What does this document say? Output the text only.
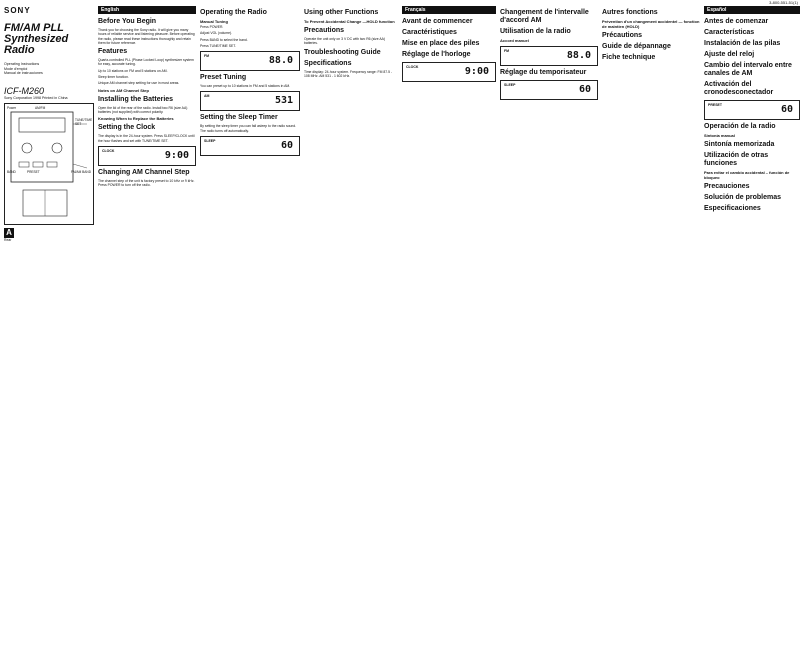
SONY
FM/AM PLL Synthesized
Radio
Operating Instructions
Mode d'emploi
Manual de instrucciones
ICF-M260
Sony Corporation 1998 Printed in China
Power	AM/FM
BAND	PRESET
TUNE/TIME SET
FM/AM BAND
A
Rear
English
Before You Begin

Thank you for choosing the Sony radio. It will give you many hours of reliable service and listening pleasure. Before operating the radio, please read these instructions thoroughly and retain them for future reference.

Features

Quartz-controlled PLL (Phase Locked Loop) synthesizer system for easy, accurate tuning.

Up to 10 stations on FM and 5 stations on AM.

Sleep timer function.

Unique AM channel step setting for use in most areas.

Notes on AM Channel Step
Installing the Batteries

Open the lid of the rear of the radio. Install two R6 (size AA) batteries (not supplied) with correct polarity.

Knowing When to Replace the Batteries
Setting the Clock

The display is in the 24-hour system. Press SLEEP/CLOCK until the hour flashes and set with TUNE/TIME SET.

CLOCK	9:00
Changing AM Channel Step

The channel step of the unit is factory preset to 10 kHz or 9 kHz. Press POWER to turn off the radio.

Operating the Radio
Manual Tuning

Press POWER.

Adjust VOL (volume).

Press BAND to select the band.

Press TUNE/TIME SET.

FM	88.0
Preset Tuning

You can preset up to 10 stations in FM and 5 stations in AM.

AM	531
Setting the Sleep Timer

By setting the sleep timer you can fall asleep to the radio sound. The radio turns off automatically.

SLEEP	60
Using other Functions
To Prevent Accidental Change —HOLD function
Precautions

Operate the unit only on 3 V DC with two R6 (size AA) batteries.

Troubleshooting Guide
Specifications

Time display: 24-hour system. Frequency range: FM 87.5 - 108 MHz. AM 531 - 1 602 kHz.

Français
Avant de commencer
Caractéristiques
Mise en place des piles
Réglage de l'horloge
CLOCK	9:00
Changement de l'intervalle d'accord AM
Utilisation de la radio
Accord manuel
FM	88.0
Réglage du temporisateur
SLEEP	60
Autres fonctions
Prévention d'un changement accidentel — fonction de maintien (HOLD)
Précautions
Guide de dépannage
Fiche technique
Español
Antes de comenzar
Características
Instalación de las pilas
Ajuste del reloj
Cambio del intervalo entre canales de AM
Activación del cronodesconectador
PRESET	60
Operación de la radio
Sintonía manual
Sintonía memorizada
Utilización de otras funciones
Para evitar el cambio accidental – función de bloqueo
Precauciones
Solución de problemas
Especificaciones
3-800-551-51(1)
